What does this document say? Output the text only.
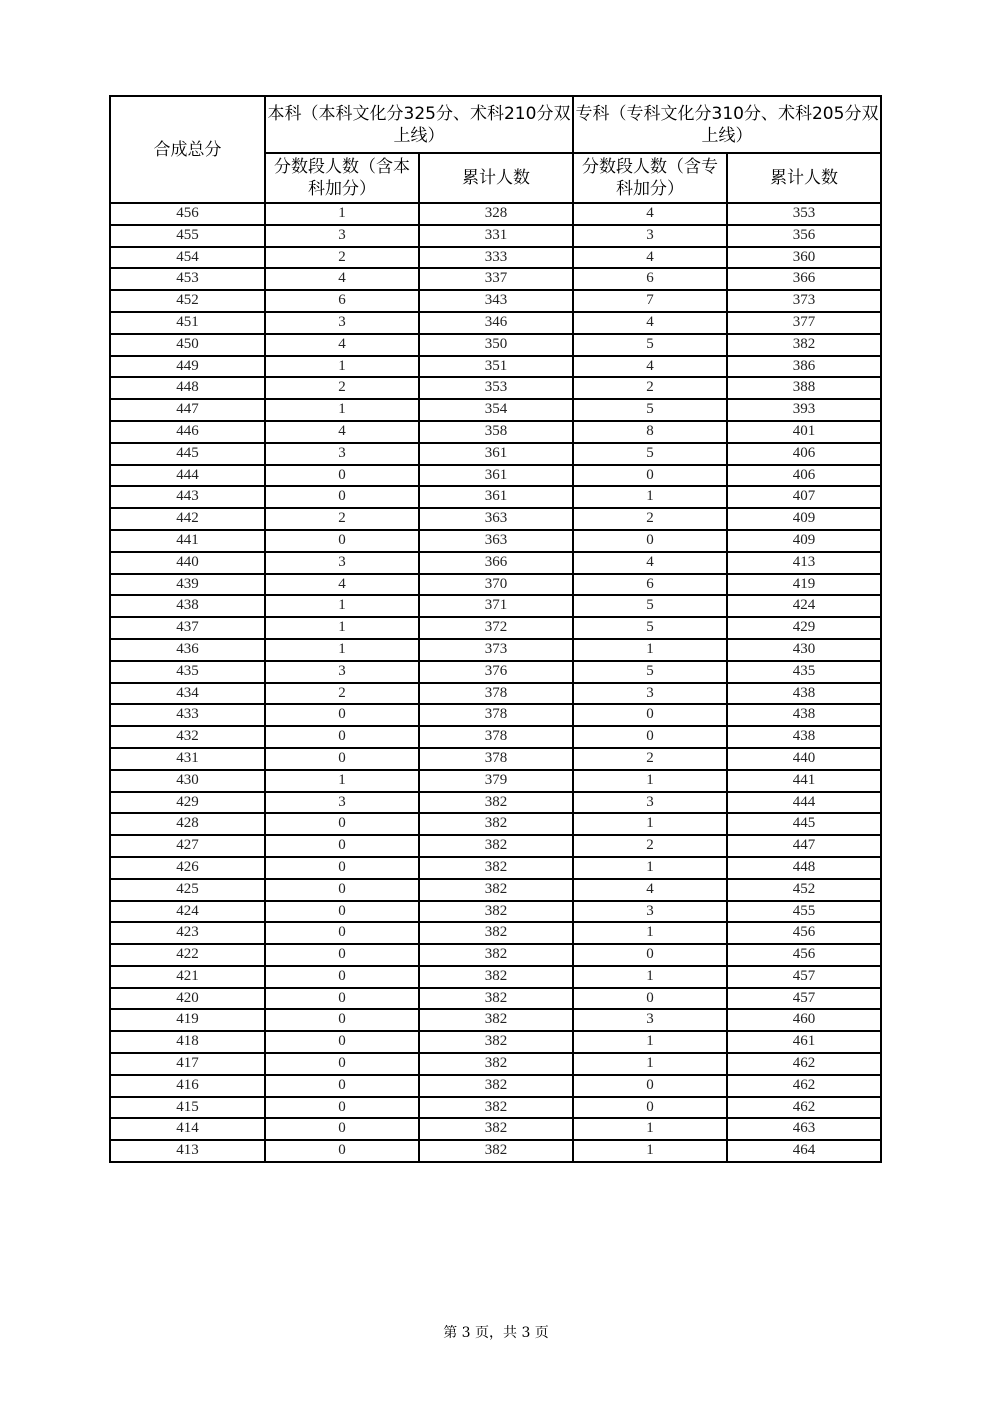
合成总分	本科（本科文化分325分、术科210分双上线）		专科（专科文化分310分、术科205分双上线）	
	分数段人数（含本科加分）	累计人数	分数段人数（含专科加分）	累计人数
456	1	328	4	353
455	3	331	3	356
454	2	333	4	360
453	4	337	6	366
452	6	343	7	373
451	3	346	4	377
450	4	350	5	382
449	1	351	4	386
448	2	353	2	388
447	1	354	5	393
446	4	358	8	401
445	3	361	5	406
444	0	361	0	406
443	0	361	1	407
442	2	363	2	409
441	0	363	0	409
440	3	366	4	413
439	4	370	6	419
438	1	371	5	424
437	1	372	5	429
436	1	373	1	430
435	3	376	5	435
434	2	378	3	438
433	0	378	0	438
432	0	378	0	438
431	0	378	2	440
430	1	379	1	441
429	3	382	3	444
428	0	382	1	445
427	0	382	2	447
426	0	382	1	448
425	0	382	4	452
424	0	382	3	455
423	0	382	1	456
422	0	382	0	456
421	0	382	1	457
420	0	382	0	457
419	0	382	3	460
418	0	382	1	461
417	0	382	1	462
416	0	382	0	462
415	0	382	0	462
414	0	382	1	463
413	0	382	1	464
第 3 页，共 3 页
